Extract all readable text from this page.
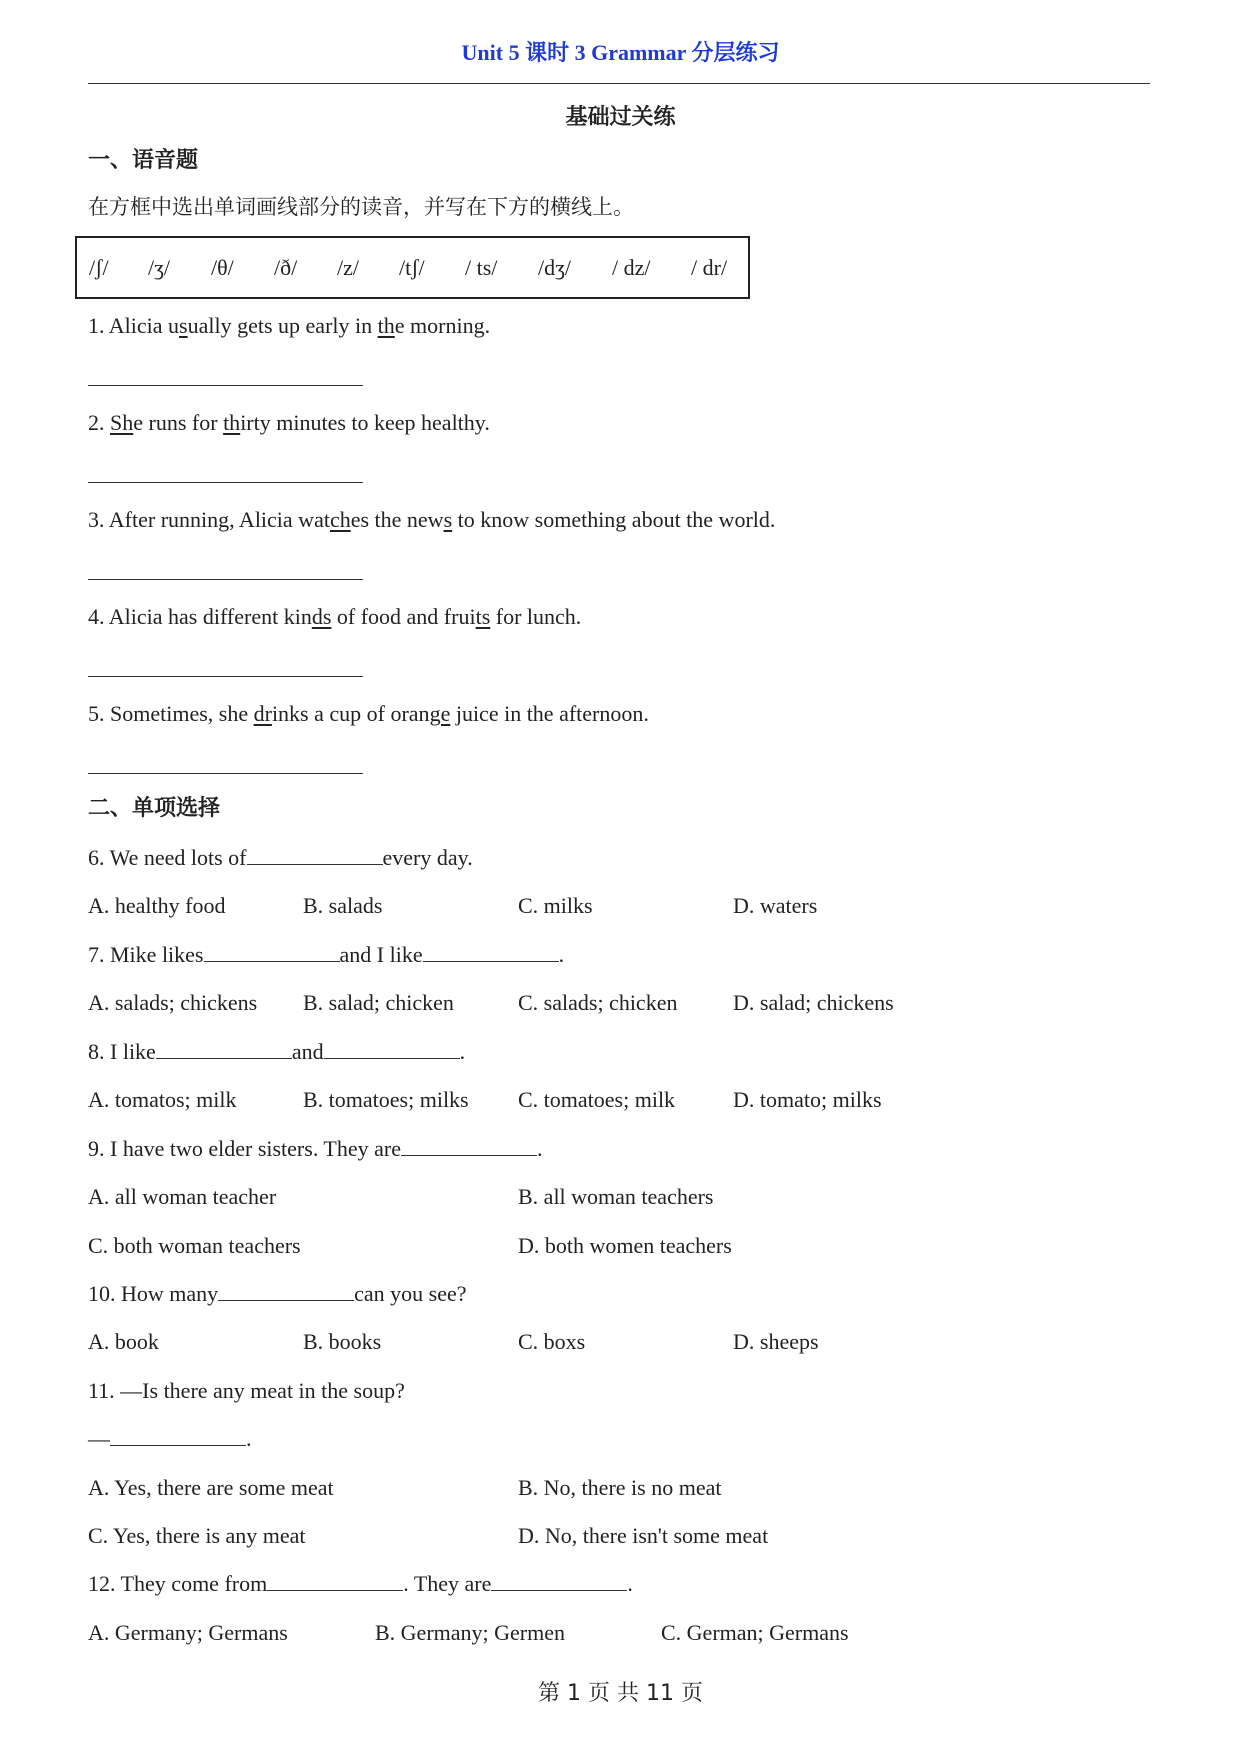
Unit 5 课时 3 Grammar 分层练习
基础过关练
一、语音题
在方框中选出单词画线部分的读音，并写在下方的横线上。
/ʃ/ /ʒ/ /θ/ /ð/ /z/ /tʃ/ / ts/ /dʒ/ / dz/ / dr/
1. Alicia usually gets up early in the morning.
2. She runs for thirty minutes to keep healthy.
3. After running, Alicia watches the news to know something about the world.
4. Alicia has different kinds of food and fruits for lunch.
5. Sometimes, she drinks a cup of orange juice in the afternoon.
二、单项选择
6. We need lots of	every day.
A. healthy food	B. salads	C. milks	D. waters
7. Mike likes	and I like	.
A. salads; chickens B. salad; chicken	C. salads; chicken	D. salad; chickens
8. I like	and	.
A. tomatos; milk	B. tomatoes; milks C. tomatoes; milk	D. tomato; milks
9. I have two elder sisters. They are	.
A. all woman teacher	B. all woman teachers
C. both woman teachers	D. both women teachers
10. How many	can you see?
A. book	B. books	C. boxs	D. sheeps
11. —Is there any meat in the soup?
—	.
A. Yes, there are some meat	B. No, there is no meat
C. Yes, there is any meat	D. No, there isn't some meat
12. They come from	. They are	.
A. Germany; Germans	B. Germany; Germen	C. German; Germans
第 1 页 共 11 页
